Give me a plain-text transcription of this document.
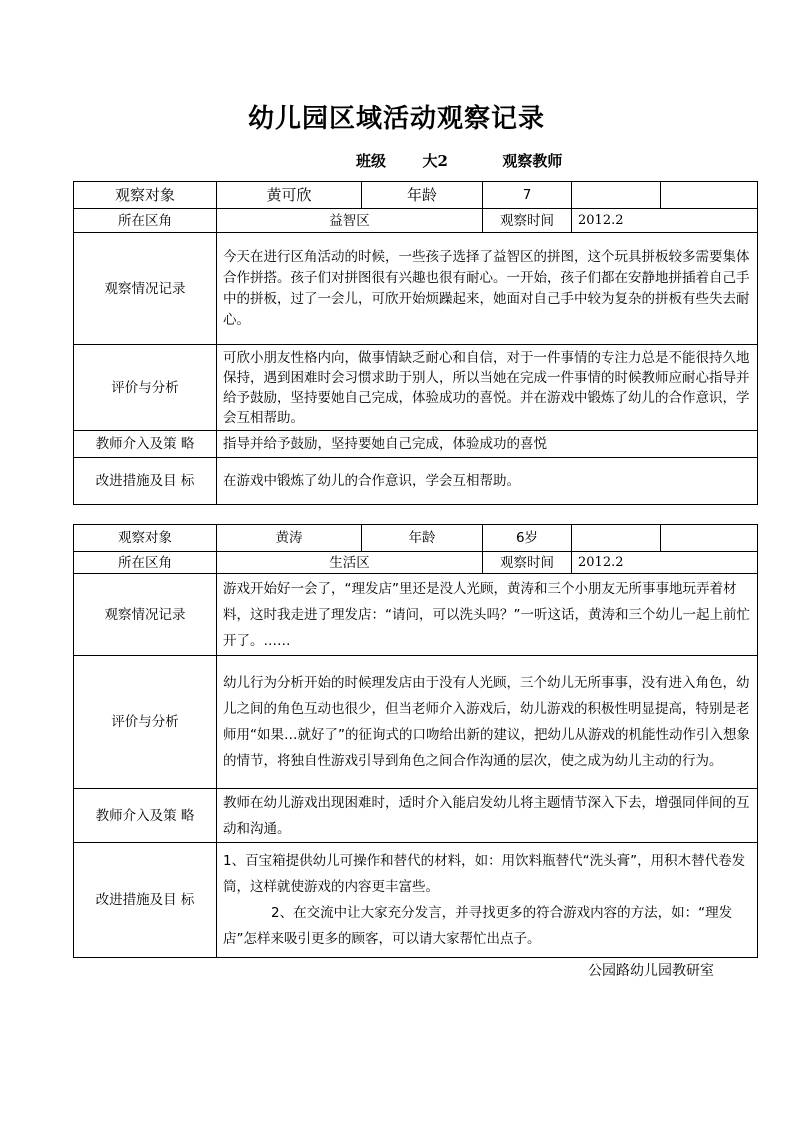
幼儿园区域活动观察记录
班级 大2	观察教师
观察对象	黄可欣	年龄	7		
所在区角	益智区		观察时间	2012.2	
观察情况记录	今天在进行区角活动的时候，一些孩子选择了益智区的拼图，这个玩具拼板较多需要集体合作拼搭。孩子们对拼图很有兴趣也很有耐心。一开始，孩子们都在安静地拼插着自己手中的拼板，过了一会儿，可欣开始烦躁起来，她面对自己手中较为复杂的拼板有些失去耐心。				
评价与分析	可欣小朋友性格内向，做事情缺乏耐心和自信，对于一件事情的专注力总是不能很持久地保持，遇到困难时会习惯求助于别人，所以当她在完成一件事情的时候教师应耐心指导并给予鼓励，坚持要她自己完成，体验成功的喜悦。并在游戏中锻炼了幼儿的合作意识，学会互相帮助。				
教师介入及策 略	指导并给予鼓励，坚持要她自己完成，体验成功的喜悦				
改进措施及目 标	在游戏中锻炼了幼儿的合作意识，学会互相帮助。				
观察对象	黄涛	年龄	6岁		
所在区角	生活区		观察时间	2012.2	
观察情况记录	游戏开始好一会了，“理发店”里还是没人光顾，黄涛和三个小朋友无所事事地玩弄着材料，这时我走进了理发店：“请问，可以洗头吗？”一听这话，黄涛和三个幼儿一起上前忙开了。……				
评价与分析	幼儿行为分析开始的时候理发店由于没有人光顾，三个幼儿无所事事，没有进入角色，幼儿之间的角色互动也很少，但当老师介入游戏后，幼儿游戏的积极性明显提高，特别是老师用“如果…就好了”的征询式的口吻给出新的建议，把幼儿从游戏的机能性动作引入想象的情节，将独自性游戏引导到角色之间合作沟通的层次，使之成为幼儿主动的行为。				
教师介入及策 略	教师在幼儿游戏出现困难时，适时介入能启发幼儿将主题情节深入下去，增强同伴间的互动和沟通。				
改进措施及目 标	1、百宝箱提供幼儿可操作和替代的材料，如：用饮料瓶替代“洗头膏”，用积木替代卷发筒，这样就使游戏的内容更丰富些。
2、在交流中让大家充分发言，并寻找更多的符合游戏内容的方法，如：“理发店”怎样来吸引更多的顾客，可以请大家帮忙出点子。				
公园路幼儿园教研室
